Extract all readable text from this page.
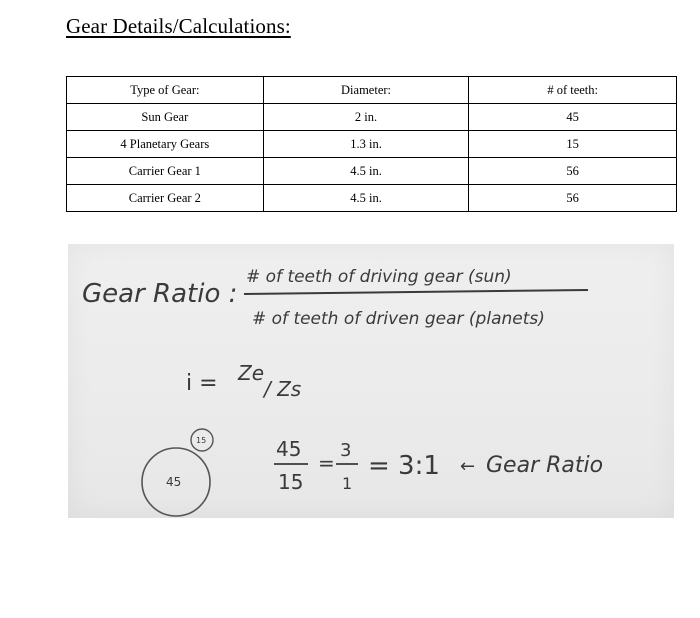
Gear Details/Calculations:
Type of Gear:	Diameter:	# of teeth:
Sun Gear	2 in.	45
4 Planetary Gears	1.3 in.	15
Carrier Gear 1	4.5 in.	56
Carrier Gear 2	4.5 in.	56
Gear Ratio :
# of teeth of driving gear (sun)
# of teeth of driven gear (planets)
i = Ze
/ Zs
45
15	45
15
=
3
1
= 3:1 ← Gear Ratio
